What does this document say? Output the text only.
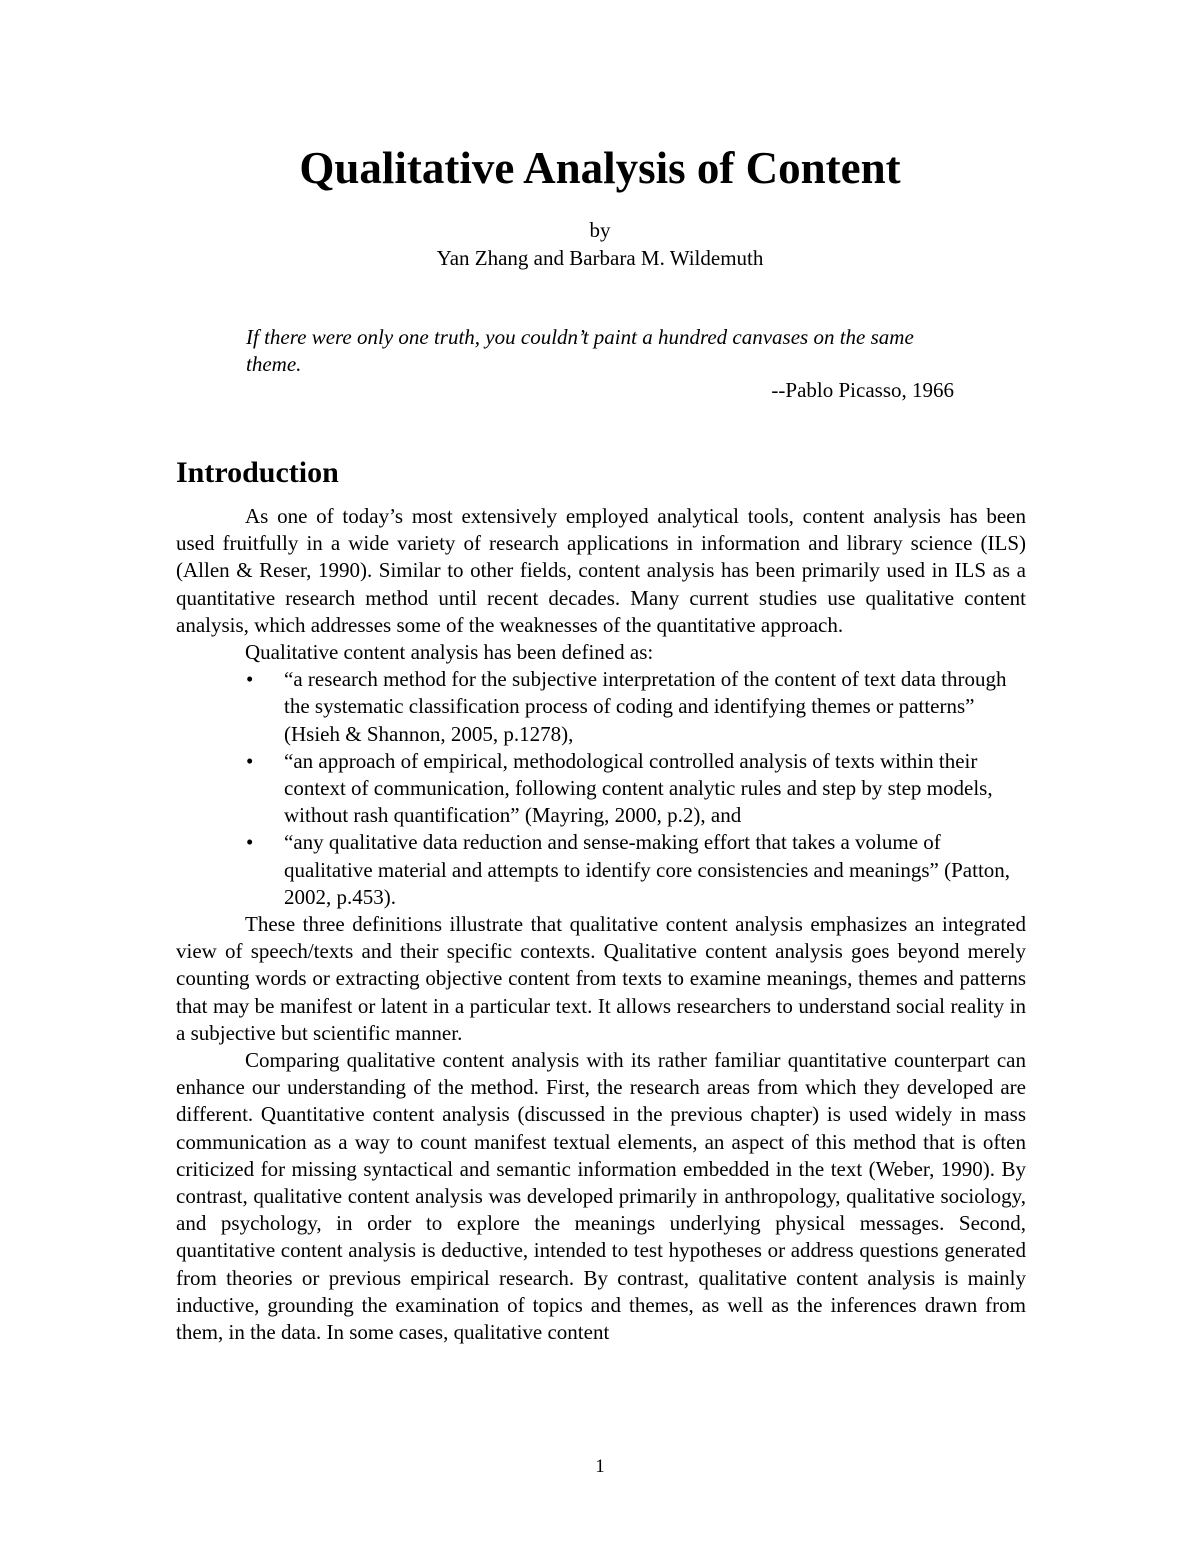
Qualitative Analysis of Content
by
Yan Zhang and Barbara M. Wildemuth
If there were only one truth, you couldn’t paint a hundred canvases on the same theme.
--Pablo Picasso, 1966
Introduction

As one of today’s most extensively employed analytical tools, content analysis has been used fruitfully in a wide variety of research applications in information and library science (ILS) (Allen & Reser, 1990). Similar to other fields, content analysis has been primarily used in ILS as a quantitative research method until recent decades. Many current studies use qualitative content analysis, which addresses some of the weaknesses of the quantitative approach.

Qualitative content analysis has been defined as:

• “a research method for the subjective interpretation of the content of text data through the systematic classification process of coding and identifying themes or patterns” (Hsieh & Shannon, 2005, p.1278),
• “an approach of empirical, methodological controlled analysis of texts within their context of communication, following content analytic rules and step by step models, without rash quantification” (Mayring, 2000, p.2), and
• “any qualitative data reduction and sense-making effort that takes a volume of qualitative material and attempts to identify core consistencies and meanings” (Patton, 2002, p.453).

These three definitions illustrate that qualitative content analysis emphasizes an integrated view of speech/texts and their specific contexts. Qualitative content analysis goes beyond merely counting words or extracting objective content from texts to examine meanings, themes and patterns that may be manifest or latent in a particular text. It allows researchers to understand social reality in a subjective but scientific manner.

Comparing qualitative content analysis with its rather familiar quantitative counterpart can enhance our understanding of the method. First, the research areas from which they developed are different. Quantitative content analysis (discussed in the previous chapter) is used widely in mass communication as a way to count manifest textual elements, an aspect of this method that is often criticized for missing syntactical and semantic information embedded in the text (Weber, 1990). By contrast, qualitative content analysis was developed primarily in anthropology, qualitative sociology, and psychology, in order to explore the meanings underlying physical messages. Second, quantitative content analysis is deductive, intended to test hypotheses or address questions generated from theories or previous empirical research. By contrast, qualitative content analysis is mainly inductive, grounding the examination of topics and themes, as well as the inferences drawn from them, in the data. In some cases, qualitative content

1
